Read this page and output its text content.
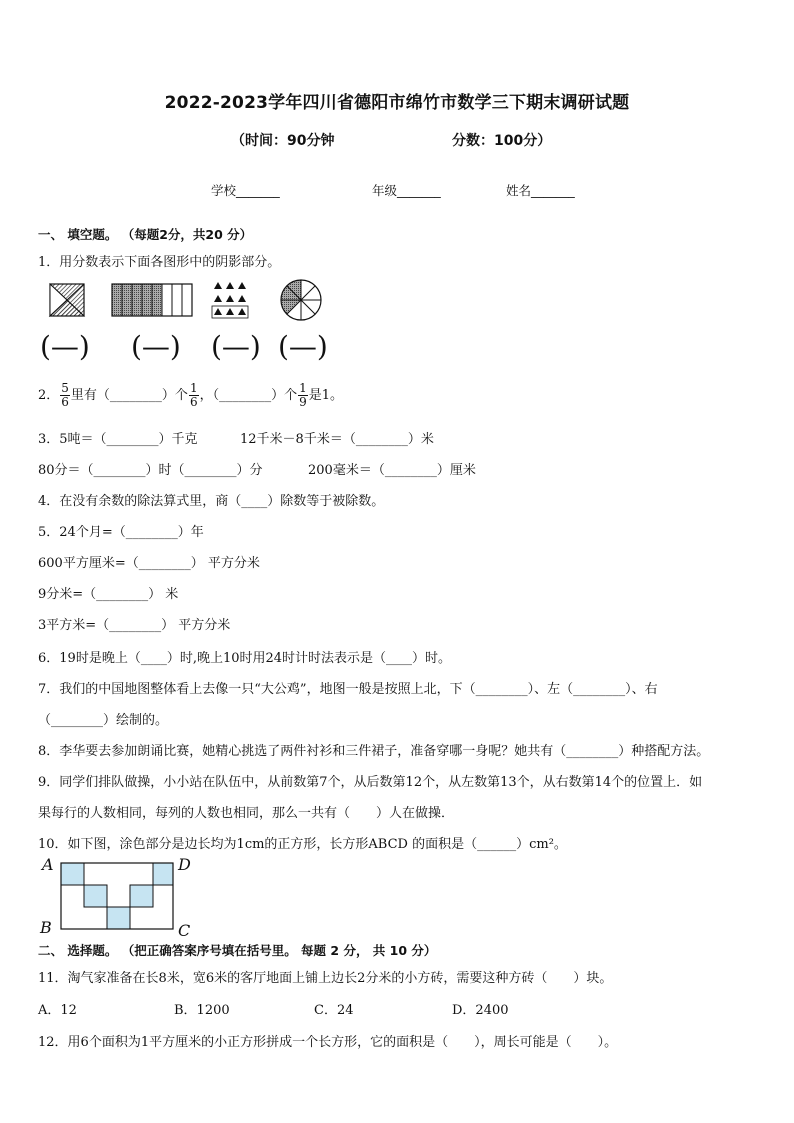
2022-2023学年四川省德阳市绵竹市数学三下期末调研试题
（时间：90分钟	分数：100分）
学校_______	年级_______	姓名_______
一、 填空题。 （每题2分，共20 分）
1．用分数表示下面各图形中的阴影部分。
(—) (—) (—) (—)
2． $\frac{5}{6}$ 里有（________）个 $\frac{1}{6}$ ，（________）个 $\frac{1}{9}$ 是1。
3．5吨＝（________）千克	12千米－8千米＝（________）米
80分＝（________）时（________）分	200毫米＝（________）厘米
4．在没有余数的除法算式里，商（____）除数等于被除数。
5．24个月=（________）年
600平方厘米=（________） 平方分米
9分米=（________） 米
3平方米=（________） 平方分米
6．19时是晚上（____）时,晚上10时用24时计时法表示是（____）时。
7．我们的中国地图整体看上去像一只“大公鸡”，地图一般是按照上北，下（________）、左（________）、右
（________）绘制的。
8．李华要去参加朗诵比赛，她精心挑选了两件衬衫和三件裙子，准备穿哪一身呢？她共有（________）种搭配方法。
9．同学们排队做操，小小站在队伍中，从前数第7个，从后数第12个，从左数第13个，从右数第14个的位置上．如
果每行的人数相同，每列的人数也相同，那么一共有（　　）人在做操．
10．如下图，涂色部分是边长均为1cm的正方形，长方形ABCD 的面积是（______）cm²。
A	D
B	C
二、 选择题。 （把正确答案序号填在括号里。 每题 2 分， 共 10 分）
11．淘气家准备在长8米，宽6米的客厅地面上铺上边长2分米的小方砖，需要这种方砖（　　）块。
A．12	B．1200	C．24	D．2400
12．用6个面积为1平方厘米的小正方形拼成一个长方形，它的面积是（　　），周长可能是（　　）。
